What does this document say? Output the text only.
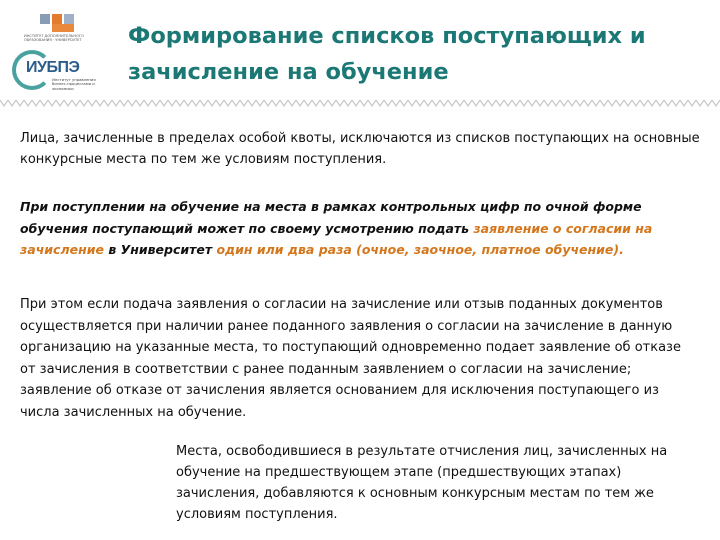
ИНСТИТУТ ДОПОЛНИТЕЛЬНОГО ОБРАЗОВАНИЯ · УНИВЕРСИТЕТ
ИУБПЭ
Институт управления бизнес-процессами и экономики
Формирование списков поступающих и
зачисление на обучение
Лица, зачисленные в пределах особой квоты, исключаются из списков поступающих на основные конкурсные места по тем же условиям поступления.
При поступлении на обучение на места в рамках контрольных цифр по очной форме обучения поступающий может по своему усмотрению подать заявление о согласии на зачисление в Университет один или два раза (очное, заочное, платное обучение).
При этом если подача заявления о согласии на зачисление или отзыв поданных документов осуществляется при наличии ранее поданного заявления о согласии на зачисление в данную организацию на указанные места, то поступающий одновременно подает заявление об отказе от зачисления в соответствии с ранее поданным заявлением о согласии на зачисление; заявление об отказе от зачисления является основанием для исключения поступающего из числа зачисленных на обучение.
Места, освободившиеся в результате отчисления лиц, зачисленных на обучение на предшествующем этапе (предшествующих этапах) зачисления, добавляются к основным конкурсным местам по тем же условиям поступления.
